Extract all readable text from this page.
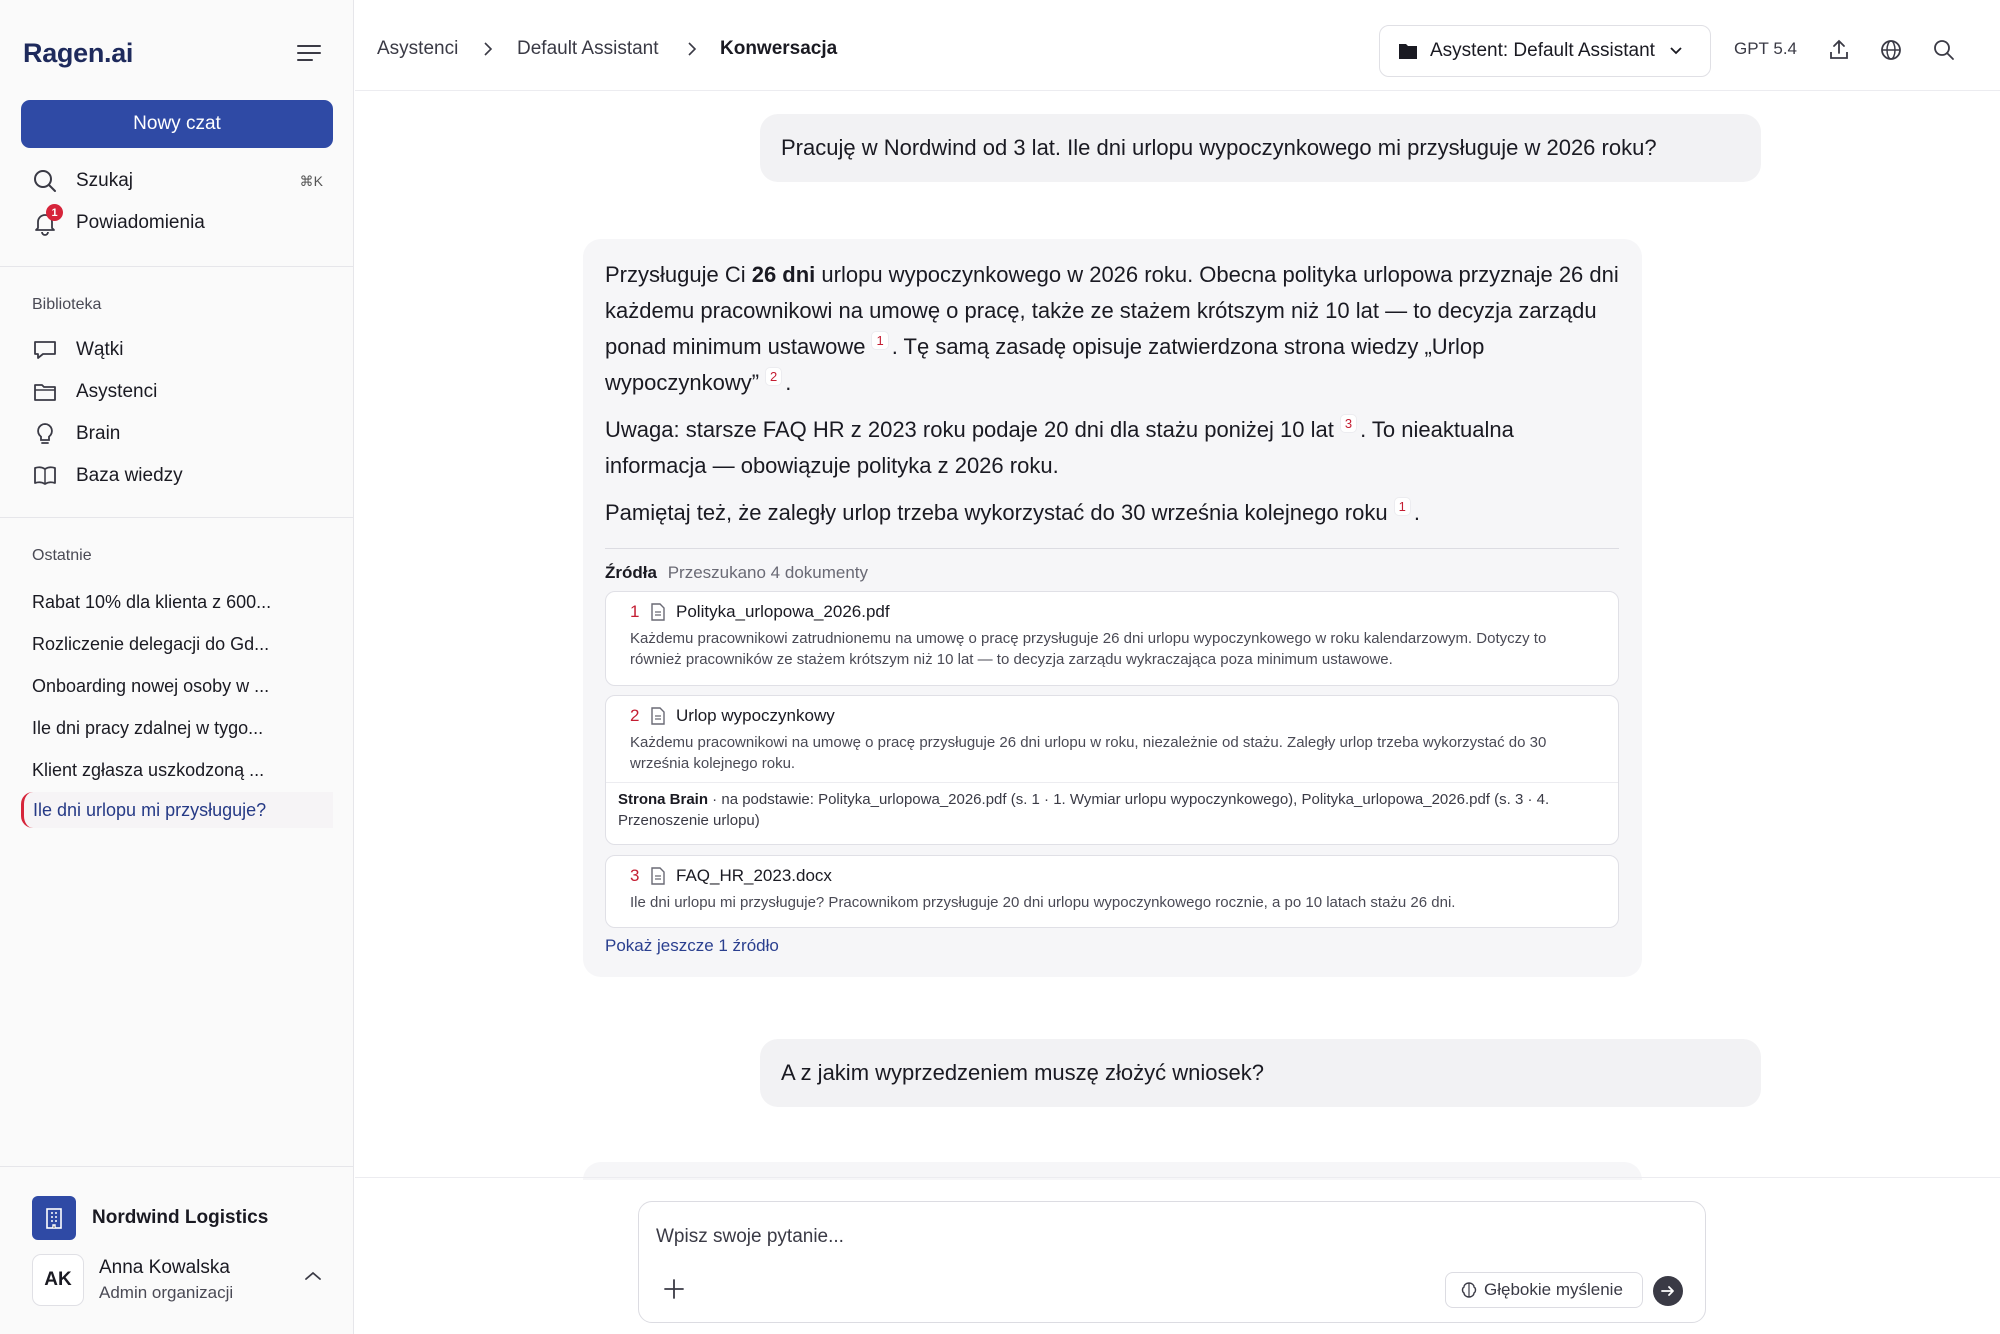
Ragen.ai
Nowy czat
Szukaj	⌘K
1 Powiadomienia
Biblioteka
Wątki
Asystenci
Brain
Baza wiedzy
Ostatnie
Rabat 10% dla klienta z 600...
Rozliczenie delegacji do Gd...
Onboarding nowej osoby w ...
Ile dni pracy zdalnej w tygo...
Klient zgłasza uszkodzoną ...
Ile dni urlopu mi przysługuje?
Nordwind Logistics
AK
Anna Kowalska
Admin organizacji
Asystenci	Default Assistant	Konwersacja	Asystent: Default Assistant	GPT 5.4
Pracuję w Nordwind od 3 lat. Ile dni urlopu wypoczynkowego mi przysługuje w 2026 roku?

Przysługuje Ci 26 dni urlopu wypoczynkowego w 2026 roku. Obecna polityka urlopowa przyznaje 26 dni każdemu pracownikowi na umowę o pracę, także ze stażem krótszym niż 10 lat — to decyzja zarządu ponad minimum ustawowe 1 . Tę samą zasadę opisuje zatwierdzona strona wiedzy „Urlop wypoczynkowy” 2 .

Uwaga: starsze FAQ HR z 2023 roku podaje 20 dni dla stażu poniżej 10 lat 3 . To nieaktualna informacja — obowiązuje polityka z 2026 roku.

Pamiętaj też, że zaległy urlop trzeba wykorzystać do 30 września kolejnego roku 1 .

Źródła Przeszukano 4 dokumenty
1	Polityka_urlopowa_2026.pdf
Każdemu pracownikowi zatrudnionemu na umowę o pracę przysługuje 26 dni urlopu wypoczynkowego w roku kalendarzowym. Dotyczy to również pracowników ze stażem krótszym niż 10 lat — to decyzja zarządu wykraczająca poza minimum ustawowe.
2	Urlop wypoczynkowy
Każdemu pracownikowi na umowę o pracę przysługuje 26 dni urlopu w roku, niezależnie od stażu. Zaległy urlop trzeba wykorzystać do 30 września kolejnego roku.
Strona Brain · na podstawie: Polityka_urlopowa_2026.pdf (s. 1 · 1. Wymiar urlopu wypoczynkowego), Polityka_urlopowa_2026.pdf (s. 3 · 4. Przenoszenie urlopu)
3	FAQ_HR_2023.docx
Ile dni urlopu mi przysługuje? Pracownikom przysługuje 20 dni urlopu wypoczynkowego rocznie, a po 10 latach stażu 26 dni.
Pokaż jeszcze 1 źródło
A z jakim wyprzedzeniem muszę złożyć wniosek?
Wpisz swoje pytanie...
Głębokie myślenie
